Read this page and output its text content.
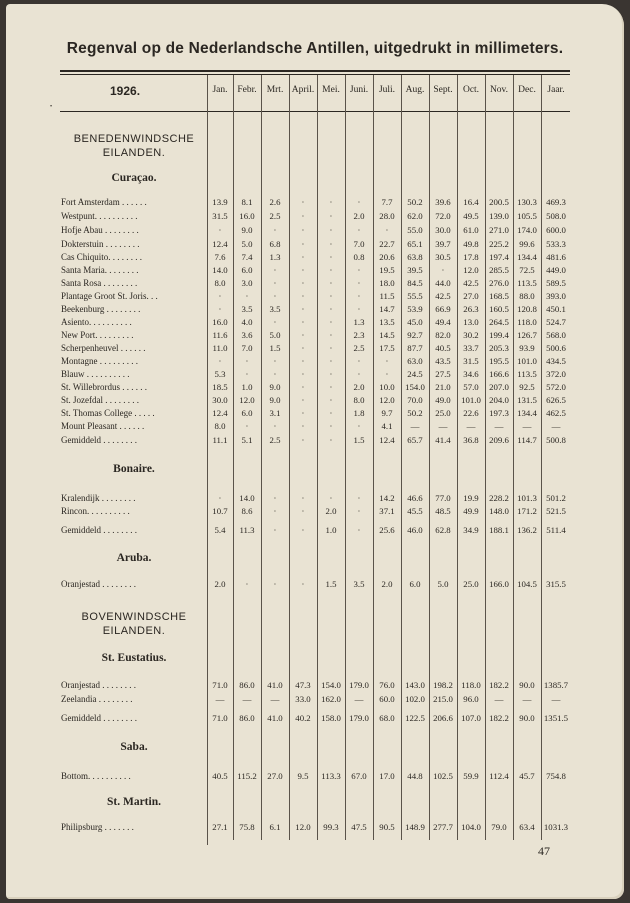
Regenval op de Nederlandsche Antillen, uitgedrukt in millimeters.
1926.
•
BENEDENWINDSCHE
EILANDEN.
Curaçao.
Bonaire.
Aruba.
BOVENWINDSCHE
EILANDEN.
St. Eustatius.
Saba.
St. Martin.
47
Jan.	Febr.	Mrt. April. Mei.	Juni.	Juli.	Aug. Sept.	Oct.	Nov.	Dec.	Jaar.
Fort Amsterdam . . . . . .	13.9	8.1	2.6	·	·	·	7.7	50.2	39.6	16.4	200.5 130.3	469.3
Westpunt. . . . . . . . . .	31.5	16.0	2.5	·	·	2.0	28.0	62.0	72.0	49.5	139.0 105.5	508.0
Hofje Abau . . . . . . . .	·	9.0	·	·	·	·	·	55.0	30.0	61.0	271.0 174.0	600.0
Dokterstuin . . . . . . . .	12.4	5.0	6.8	·	·	7.0	22.7	65.1	39.7	49.8	225.2	99.6	533.3
Cas Chiquito. . . . . . . .	7.6	7.4	1.3	·	·	0.8	20.6	63.8	30.5	17.8	197.4 134.4	481.6
Santa Maria. . . . . . . .	14.0	6.0	·	·	·	·	19.5	39.5	·	12.0	285.5	72.5	449.0
Santa Rosa . . . . . . . .	8.0	3.0	·	·	·	·	18.0	84.5	44.0	42.5	276.0 113.5	589.5
Plantage Groot St. Joris. . .	·	·	·	·	·	·	11.5	55.5	42.5	27.0	168.5	88.0	393.0
Beekenburg . . . . . . . .	·	3.5	3.5	·	·	·	14.7	53.9	66.9	26.3	160.5 120.8	450.1
Asiento. . . . . . . . . .	16.0	4.0	·	·	·	1.3	13.5	45.0	49.4	13.0	264.5 118.0	524.7
New Port. . . . . . . . .	11.6	3.6	5.0	·	·	2.3	14.5	92.7	82.0	30.2	199.4 126.7	568.0
Scherpenheuvel . . . . . .	11.0	7.0	1.5	·	·	2.5	17.5	87.7	40.5	33.7	205.3	93.9	500.6
Montagne . . . . . . . . .	·	·	·	·	·	·	·	63.0	43.5	31.5	195.5 101.0	434.5
Blauw . . . . . . . . . .	5.3	·	·	·	·	·	·	24.5	27.5	34.6	166.6 113.5	372.0
St. Willebrordus . . . . . .	18.5	1.0	9.0	·	·	2.0	10.0	154.0	21.0	57.0	207.0	92.5	572.0
St. Jozefdal . . . . . . . .	30.0	12.0	9.0	·	·	8.0	12.0	70.0	49.0	101.0 204.0 131.5	626.5
St. Thomas College . . . . .	12.4	6.0	3.1	·	·	1.8	9.7	50.2	25.0	22.6	197.3 134.4	462.5
Mount Pleasant . . . . . .	8.0	·	·	·	·	·	4.1	—	—	—	—	—	—
Gemiddeld . . . . . . . .	11.1	5.1	2.5	·	·	1.5	12.4	65.7	41.4	36.8	209.6 114.7	500.8
Kralendijk . . . . . . . .	·	14.0	·	·	·	·	14.2	46.6	77.0	19.9	228.2 101.3	501.2
Rincon. . . . . . . . . .	10.7	8.6	·	·	2.0	·	37.1	45.5	48.5	49.9	148.0 171.2	521.5
Gemiddeld . . . . . . . .	5.4	11.3	·	·	1.0	·	25.6	46.0	62.8	34.9	188.1 136.2	511.4
Oranjestad . . . . . . . .	2.0	·	·	·	1.5	3.5	2.0	6.0	5.0	25.0	166.0 104.5	315.5
Oranjestad . . . . . . . .	71.0	86.0	41.0	47.3	154.0 179.0	76.0	143.0 198.2 118.0 182.2	90.0	1385.7
Zeelandia . . . . . . . .	—	—	—	33.0	162.0	—	60.0	102.0 215.0	96.0	—	—	—
Gemiddeld . . . . . . . .	71.0	86.0	41.0	40.2	158.0 179.0	68.0	122.5 206.6 107.0 182.2	90.0	1351.5
Bottom. . . . . . . . . .	40.5	115.2	27.0	9.5	113.3	67.0	17.0	44.8	102.5	59.9	112.4	45.7	754.8
Philipsburg . . . . . . .	27.1	75.8	6.1	12.0	99.3	47.5	90.5	148.9 277.7 104.0	79.0	63.4	1031.3
